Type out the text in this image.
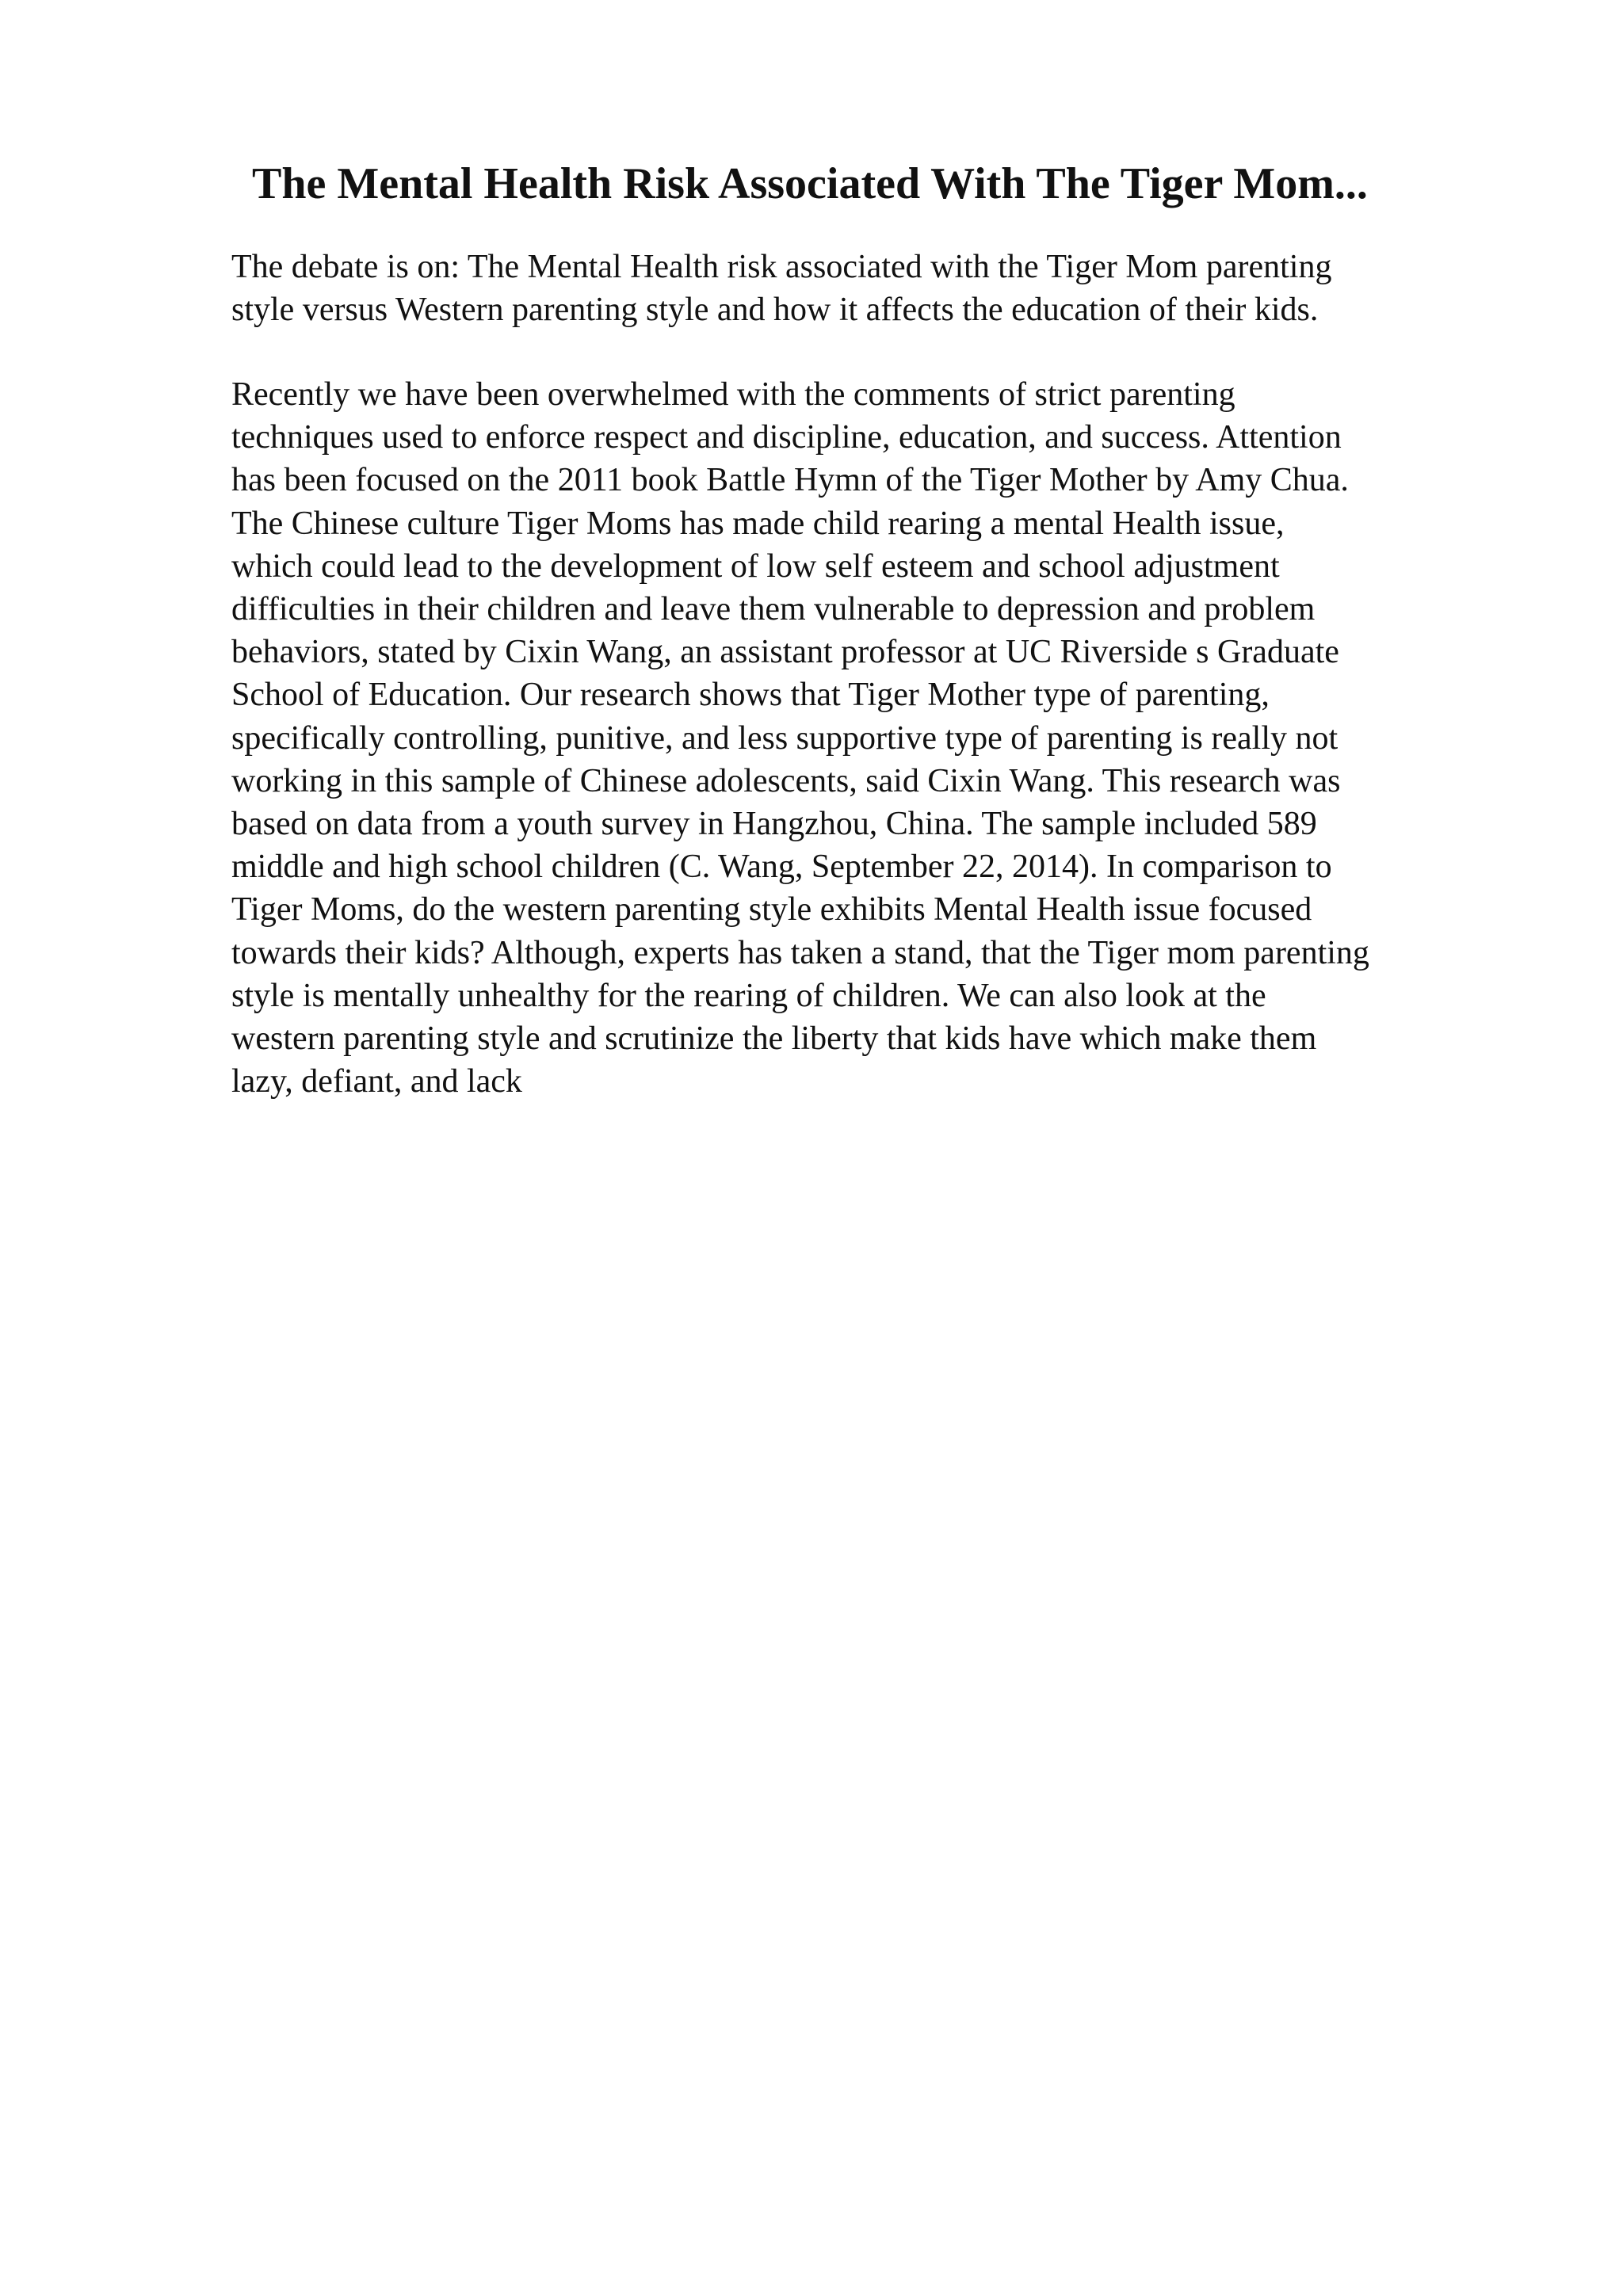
The Mental Health Risk Associated With The Tiger Mom...

The debate is on: The Mental Health risk associated with the Tiger Mom parenting
style versus Western parenting style and how it affects the education of their kids.

Recently we have been overwhelmed with the comments of strict parenting
techniques used to enforce respect and discipline, education, and success. Attention
has been focused on the 2011 book Battle Hymn of the Tiger Mother by Amy Chua.
The Chinese culture Tiger Moms has made child rearing a mental Health issue,
which could lead to the development of low self esteem and school adjustment
difficulties in their children and leave them vulnerable to depression and problem
behaviors, stated by Cixin Wang, an assistant professor at UC Riverside s Graduate
School of Education. Our research shows that Tiger Mother type of parenting,
specifically controlling, punitive, and less supportive type of parenting is really not
working in this sample of Chinese adolescents, said Cixin Wang. This research was
based on data from a youth survey in Hangzhou, China. The sample included 589
middle and high school children (C. Wang, September 22, 2014). In comparison to
Tiger Moms, do the western parenting style exhibits Mental Health issue focused
towards their kids? Although, experts has taken a stand, that the Tiger mom parenting
style is mentally unhealthy for the rearing of children. We can also look at the
western parenting style and scrutinize the liberty that kids have which make them
lazy, defiant, and lack
